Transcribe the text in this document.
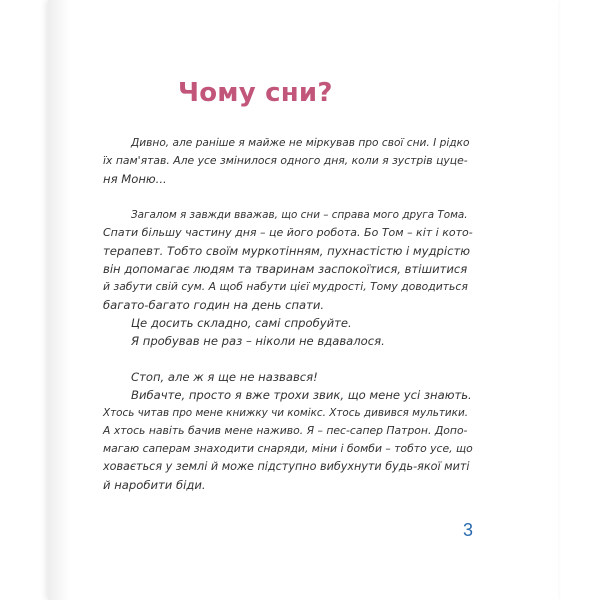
Чому сни?

Дивно, але раніше я майже не міркував про свої сни. І рідко

їх пам'ятав. Але усе змінилося одного дня, коли я зустрів цуце-

ня Моню...

Загалом я завжди вважав, що сни – справа мого друга Тома.

Спати більшу частину дня – це його робота. Бо Том – кіт і кото-

терапевт. Тобто своїм муркотінням, пухнастістю і мудрістю

він допомагає людям та тваринам заспокоїтися, втішитися

й забути свій сум. А щоб набути цієї мудрості, Тому доводиться

багато-багато годин на день спати.

Це досить складно, самі спробуйте.

Я пробував не раз – ніколи не вдавалося.

Стоп, але ж я ще не назвався!

Вибачте, просто я вже трохи звик, що мене усі знають.

Хтось читав про мене книжку чи комікс. Хтось дивився мультики.

А хтось навіть бачив мене наживо. Я – пес-сапер Патрон. Допо-

магаю саперам знаходити снаряди, міни і бомби – тобто усе, що

ховається у землі й може підступно вибухнути будь-якої миті

й наробити біди.

3
